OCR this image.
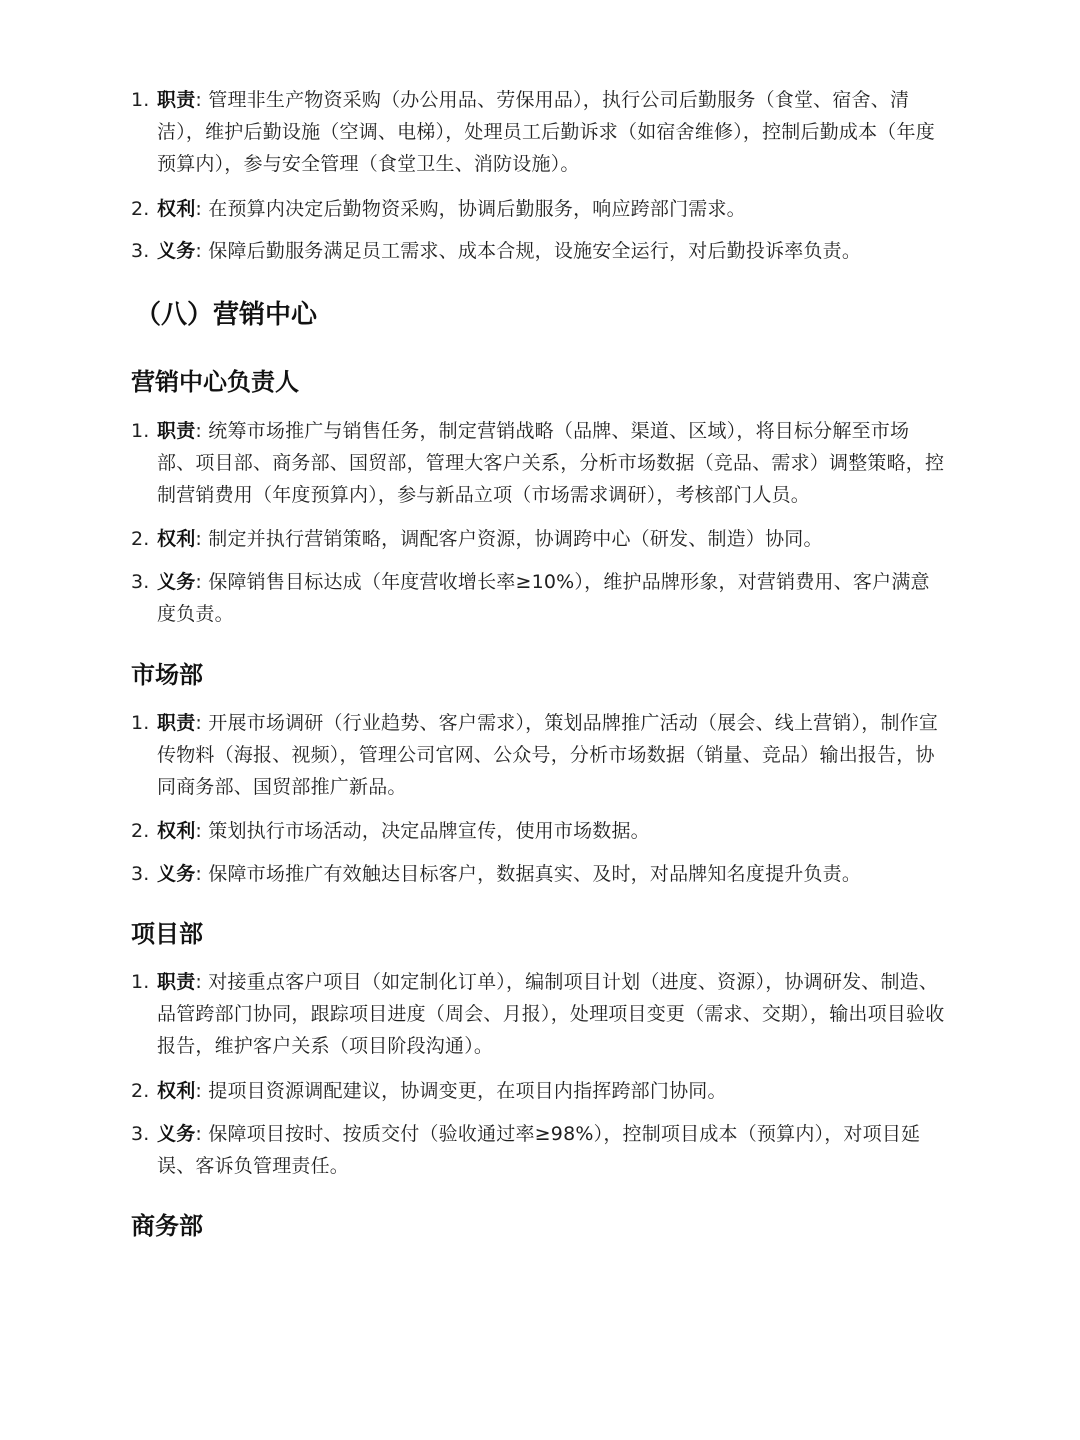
1. 职责: 管理非生产物资采购（办公用品、劳保用品），执行公司后勤服务（食堂、宿舍、清洁），维护后勤设施（空调、电梯），处理员工后勤诉求（如宿舍维修），控制后勤成本（年度预算内），参与安全管理（食堂卫生、消防设施）。
2. 权利: 在预算内决定后勤物资采购，协调后勤服务，响应跨部门需求。
3. 义务: 保障后勤服务满足员工需求、成本合规，设施安全运行，对后勤投诉率负责。
（八）营销中心
营销中心负责人
1. 职责: 统筹市场推广与销售任务，制定营销战略（品牌、渠道、区域），将目标分解至市场部、项目部、商务部、国贸部，管理大客户关系，分析市场数据（竞品、需求）调整策略，控制营销费用（年度预算内），参与新品立项（市场需求调研），考核部门人员。
2. 权利: 制定并执行营销策略，调配客户资源，协调跨中心（研发、制造）协同。
3. 义务: 保障销售目标达成（年度营收增长率≥10%），维护品牌形象，对营销费用、客户满意度负责。
市场部
1. 职责: 开展市场调研（行业趋势、客户需求），策划品牌推广活动（展会、线上营销），制作宣传物料（海报、视频），管理公司官网、公众号，分析市场数据（销量、竞品）输出报告，协同商务部、国贸部推广新品。
2. 权利: 策划执行市场活动，决定品牌宣传，使用市场数据。
3. 义务: 保障市场推广有效触达目标客户，数据真实、及时，对品牌知名度提升负责。
项目部
1. 职责: 对接重点客户项目（如定制化订单），编制项目计划（进度、资源），协调研发、制造、品管跨部门协同，跟踪项目进度（周会、月报），处理项目变更（需求、交期），输出项目验收报告，维护客户关系（项目阶段沟通）。
2. 权利: 提项目资源调配建议，协调变更，在项目内指挥跨部门协同。
3. 义务: 保障项目按时、按质交付（验收通过率≥98%），控制项目成本（预算内），对项目延误、客诉负管理责任。
商务部
